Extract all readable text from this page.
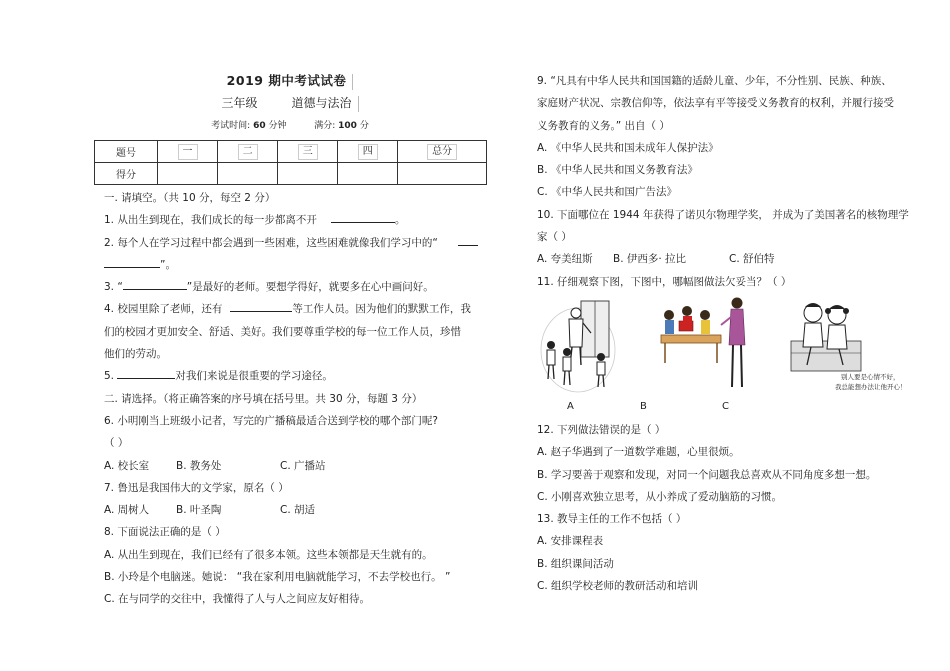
2019 期中考试试卷
三年级	道德与法治
考试时间: 60 分钟	满分: 100 分
题号	一	二	三	四	总分
得分					
一. 请填空。（共 10 分，每空 2 分）
1. 从出生到现在，我们成长的每一步都离不开	。
2. 每个人在学习过程中都会遇到一些困难，这些困难就像我们学习中的“
”。
3. “	”是最好的老师。要想学得好，就要多在心中画问好。
4. 校园里除了老师，还有	等工作人员。因为他们的默默工作，我
们的校园才更加安全、舒适、美好。我们要尊重学校的每一位工作人员，珍惜
他们的劳动。
5.	对我们来说是很重要的学习途径。
二. 请选择。（将正确答案的序号填在括号里。共 30 分，每题 3 分）
6. 小明刚当上班级小记者，写完的广播稿最适合送到学校的哪个部门呢?
（ ）
A. 校长室	B. 教务处	C. 广播站
7. 鲁迅是我国伟大的文学家，原名（ ）
A. 周树人	B. 叶圣陶	C. 胡适
8. 下面说法正确的是（ ）
A. 从出生到现在，我们已经有了很多本领。这些本领都是天生就有的。
B. 小玲是个电脑迷。她说： “我在家利用电脑就能学习，不去学校也行。 ”
C. 在与同学的交往中，我懂得了人与人之间应友好相待。
9. “凡具有中华人民共和国国籍的适龄儿童、少年，不分性别、民族、种族、
家庭财产状况、宗教信仰等，依法享有平等接受义务教育的权利，并履行接受
义务教育的义务。” 出自（ ）
A. 《中华人民共和国未成年人保护法》
B. 《中华人民共和国义务教育法》
C. 《中华人民共和国广告法》
10. 下面哪位在 1944 年获得了诺贝尔物理学奖， 并成为了美国著名的核物理学
家（ ）
A. 夸美纽斯 B. 伊西多· 拉比	C. 舒伯特
11. 仔细观察下图，下图中，哪幅图做法欠妥当？（ ）
别人要是心情不好，
我总能想办法让他开心！
A	B	C
12. 下列做法错误的是（ ）
A. 赵子华遇到了一道数学难题，心里很烦。
B. 学习要善于观察和发现，对同一个问题我总喜欢从不同角度多想一想。
C. 小刚喜欢独立思考，从小养成了爱动脑筋的习惯。
13. 教导主任的工作不包括（ ）
A. 安排课程表
B. 组织课间活动
C. 组织学校老师的教研活动和培训
